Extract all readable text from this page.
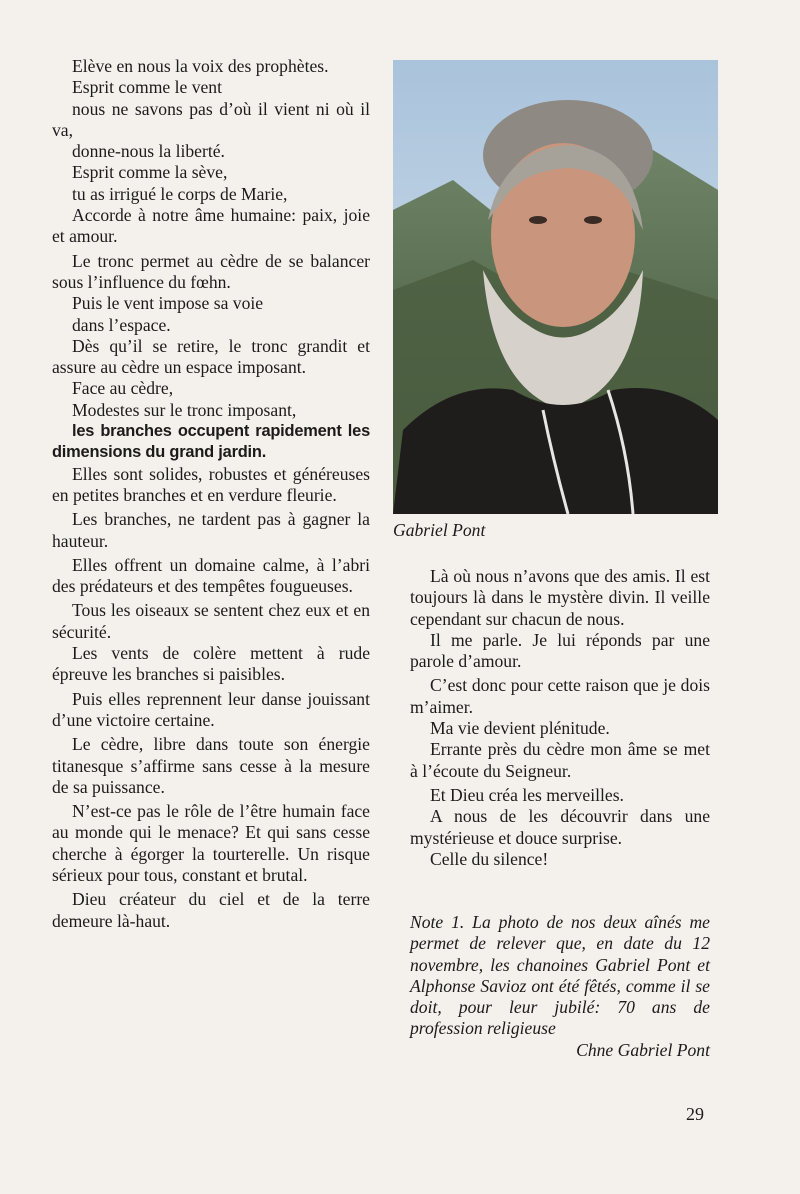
Elève en nous la voix des prophètes.

Esprit comme le vent

nous ne savons pas d’où il vient ni où il va,

donne-nous la liberté.

Esprit comme la sève,

tu as irrigué le corps de Marie,

Accorde à notre âme humaine: paix, joie et amour.

Le tronc permet au cèdre de se balancer sous l’influence du fœhn.

Puis le vent impose sa voie

dans l’espace.

Dès qu’il se retire, le tronc grandit et assure au cèdre un espace imposant.

Face au cèdre,

Modestes sur le tronc imposant,

les branches occupent rapidement les dimensions du grand jardin.

Elles sont solides, robustes et généreuses en petites branches et en verdure fleurie.

Les branches, ne tardent pas à gagner la hauteur.

Elles offrent un domaine calme, à l’abri des prédateurs et des tempêtes fougueuses.

Tous les oiseaux se sentent chez eux et en sécurité.

Les vents de colère mettent à rude épreuve les branches si paisibles.

Puis elles reprennent leur danse jouissant d’une victoire certaine.

Le cèdre, libre dans toute son énergie titanesque s’affirme sans cesse à la mesure de sa puissance.

N’est-ce pas le rôle de l’être humain face au monde qui le menace? Et qui sans cesse cherche à égorger la tourterelle. Un risque sérieux pour tous, constant et brutal.

Dieu créateur du ciel et de la terre demeure là-haut.

Gabriel Pont

Là où nous n’avons que des amis. Il est toujours là dans le mystère divin. Il veille cependant sur chacun de nous.

Il me parle. Je lui réponds par une parole d’amour.

C’est donc pour cette raison que je dois m’aimer.

Ma vie devient plénitude.

Errante près du cèdre mon âme se met à l’écoute du Seigneur.

Et Dieu créa les merveilles.

A nous de les découvrir dans une mystérieuse et douce surprise.

Celle du silence!

Note 1. La photo de nos deux aînés me permet de relever que, en date du 12 novembre, les chanoines Gabriel Pont et Alphonse Savioz ont été fêtés, comme il se doit, pour leur jubilé: 70 ans de profession religieuse

Chne Gabriel Pont

29
